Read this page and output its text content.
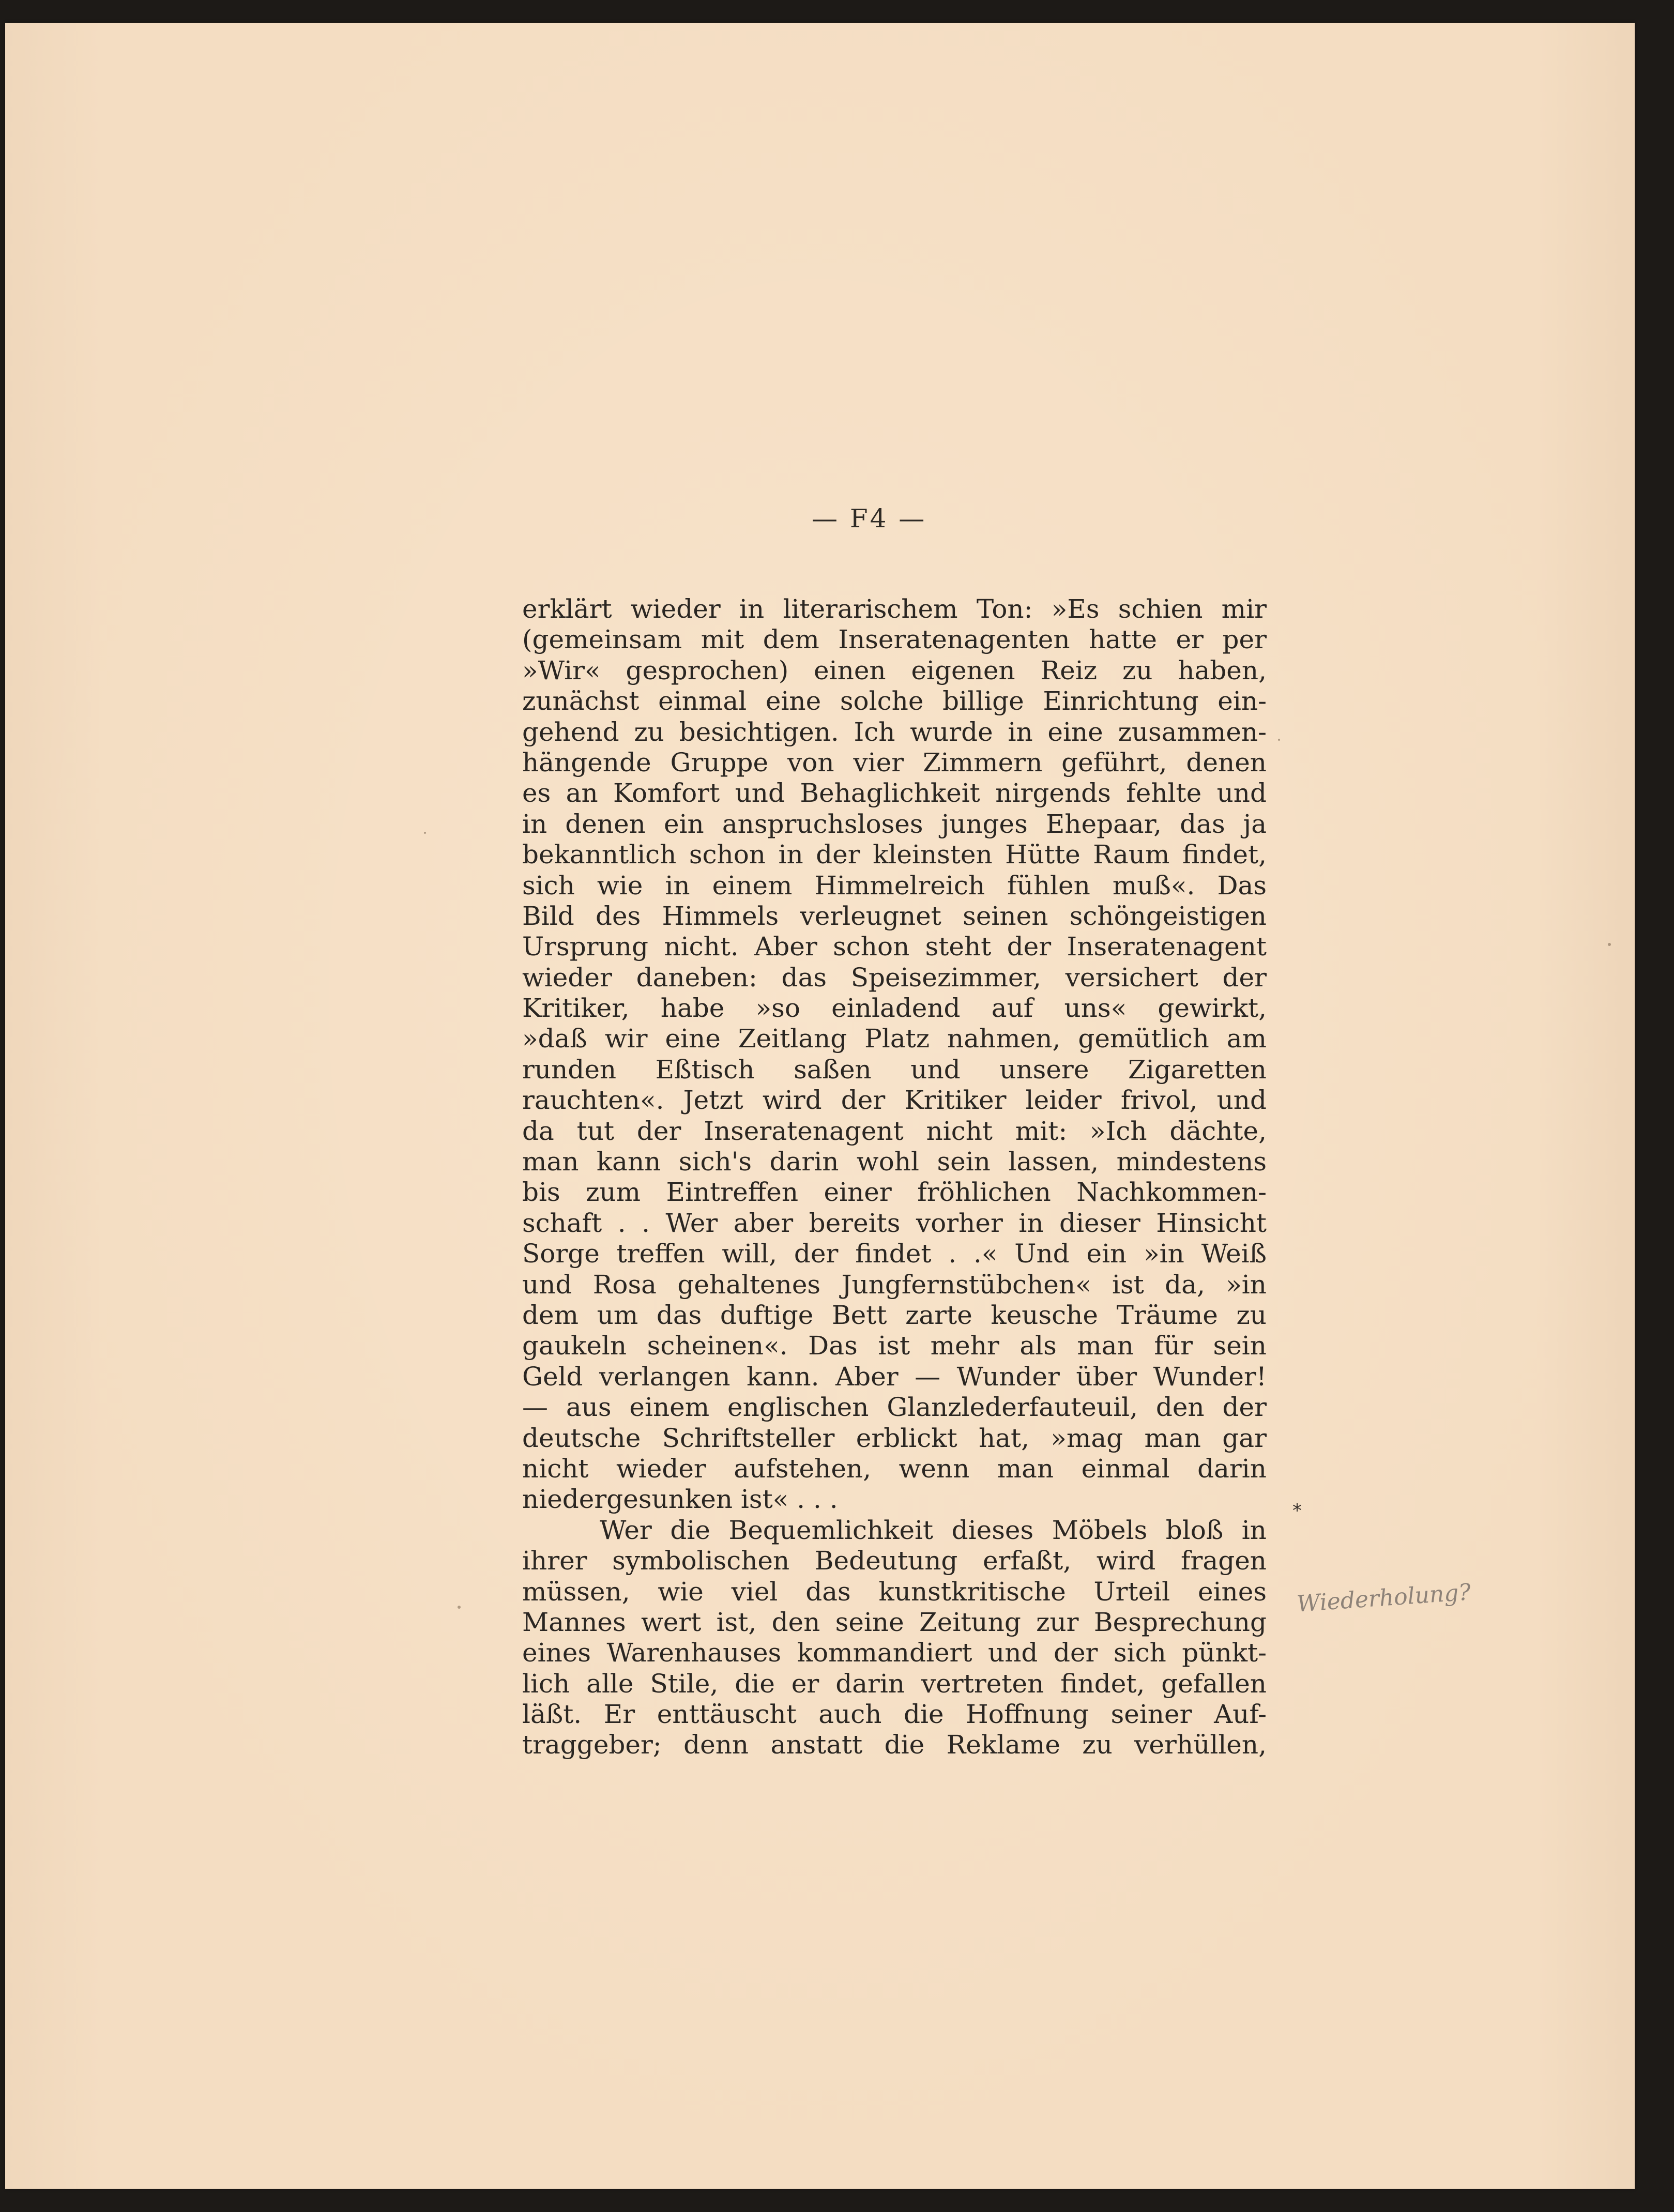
— F4 —
erklärt wieder in literarischem Ton: »Es schien mir
(gemeinsam mit dem Inseratenagenten hatte er per
»Wir« gesprochen) einen eigenen Reiz zu haben,
zunächst einmal eine solche billige Einrichtung ein-
gehend zu besichtigen. Ich wurde in eine zusammen-
hängende Gruppe von vier Zimmern geführt, denen
es an Komfort und Behaglichkeit nirgends fehlte und
in denen ein anspruchsloses junges Ehepaar, das ja
bekanntlich schon in der kleinsten Hütte Raum findet,
sich wie in einem Himmelreich fühlen muß«. Das
Bild des Himmels verleugnet seinen schöngeistigen
Ursprung nicht. Aber schon steht der Inseratenagent
wieder daneben: das Speisezimmer, versichert der
Kritiker, habe »so einladend auf uns« gewirkt,
»daß wir eine Zeitlang Platz nahmen, gemütlich am
runden Eßtisch saßen und unsere Zigaretten
rauchten«. Jetzt wird der Kritiker leider frivol, und
da tut der Inseratenagent nicht mit: »Ich dächte,
man kann sich's darin wohl sein lassen, mindestens
bis zum Eintreffen einer fröhlichen Nachkommen-
schaft . . Wer aber bereits vorher in dieser Hinsicht
Sorge treffen will, der findet . .« Und ein »in Weiß
und Rosa gehaltenes Jungfernstübchen« ist da, »in
dem um das duftige Bett zarte keusche Träume zu
gaukeln scheinen«. Das ist mehr als man für sein
Geld verlangen kann. Aber — Wunder über Wunder!
— aus einem englischen Glanzlederfauteuil, den der
deutsche Schriftsteller erblickt hat, »mag man gar
nicht wieder aufstehen, wenn man einmal darin
niedergesunken ist« . . .
Wer die Bequemlichkeit dieses Möbels bloß in
ihrer symbolischen Bedeutung erfaßt, wird fragen
müssen, wie viel das kunstkritische Urteil eines
Mannes wert ist, den seine Zeitung zur Besprechung
eines Warenhauses kommandiert und der sich pünkt-
lich alle Stile, die er darin vertreten findet, gefallen
läßt. Er enttäuscht auch die Hoffnung seiner Auf-
traggeber; denn anstatt die Reklame zu verhüllen,
*
Wiederholung?
